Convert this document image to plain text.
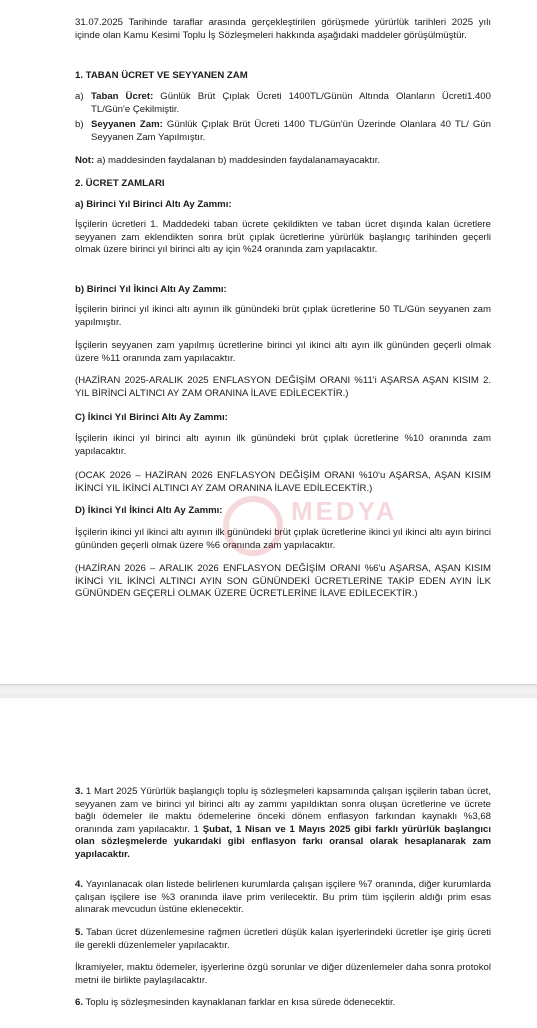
31.07.2025 Tarihinde taraflar arasında gerçekleştirilen görüşmede yürürlük tarihleri 2025 yılı içinde olan Kamu Kesimi Toplu İş Sözleşmeleri hakkında aşağıdaki maddeler görüşülmüştür.
1. TABAN ÜCRET VE SEYYANEN ZAM
a) Taban Ücret: Günlük Brüt Çıplak Ücreti 1400TL/Günün Altında Olanların Ücreti1.400 TL/Gün'e Çekilmiştir.
b) Seyyanen Zam: Günlük Çıplak Brüt Ücreti 1400 TL/Gün'ün Üzerinde Olanlara 40 TL/ Gün Seyyanen Zam Yapılmıştır.
Not: a) maddesinden faydalanan b) maddesinden faydalanamayacaktır.
2. ÜCRET ZAMLARI
a) Birinci Yıl Birinci Altı Ay Zammı:
İşçilerin ücretleri 1. Maddedeki taban ücrete çekildikten ve taban ücret dışında kalan ücretlere seyyanen zam eklendikten sonra brüt çıplak ücretlerine yürürlük başlangıç tarihinden geçerli olmak üzere birinci yıl birinci altı ay için %24 oranında zam yapılacaktır.
b) Birinci Yıl İkinci Altı Ay Zammı:
İşçilerin birinci yıl ikinci altı ayının ilk günündeki brüt çıplak ücretlerine 50 TL/Gün seyyanen zam yapılmıştır.
İşçilerin seyyanen zam yapılmış ücretlerine birinci yıl ikinci altı ayın ilk gününden geçerli olmak üzere %11 oranında zam yapılacaktır.
(HAZİRAN 2025-ARALIK 2025 ENFLASYON DEĞİŞİM ORANI %11'i AŞARSA AŞAN KISIM 2. YIL BİRİNCİ ALTINCI AY ZAM ORANINA İLAVE EDİLECEKTİR.)
C) İkinci Yıl Birinci Altı Ay Zammı:
İşçilerin ikinci yıl birinci altı ayının ilk günündeki brüt çıplak ücretlerine %10 oranında zam yapılacaktır.
(OCAK 2026 – HAZİRAN 2026 ENFLASYON DEĞİŞİM ORANI %10'u AŞARSA, AŞAN KISIM İKİNCİ YIL İKİNCİ ALTINCI AY ZAM ORANINA İLAVE EDİLECEKTİR.)
D) İkinci Yıl İkinci Altı Ay Zammı:
İşçilerin ikinci yıl ikinci altı ayının ilk günündeki brüt çıplak ücretlerine ikinci yıl ikinci altı ayın birinci gününden geçerli olmak üzere %6 oranında zam yapılacaktır.
(HAZİRAN 2026 – ARALIK 2026 ENFLASYON DEĞİŞİM ORANI %6'u AŞARSA, AŞAN KISIM İKİNCİ YIL İKİNCİ ALTINCI AYIN SON GÜNÜNDEKİ ÜCRETLERİNE TAKİP EDEN AYIN İLK GÜNÜNDEN GEÇERLİ OLMAK ÜZERE ÜCRETLERİNE İLAVE EDİLECEKTİR.)
MEDYA
3. 1 Mart 2025 Yürürlük başlangıçlı toplu iş sözleşmeleri kapsamında çalışan işçilerin taban ücret, seyyanen zam ve birinci yıl birinci altı ay zammı yapıldıktan sonra oluşan ücretlerine ve ücrete bağlı ödemeler ile maktu ödemelerine önceki dönem enflasyon farkından kaynaklı %3,68 oranında zam yapılacaktır. 1 Şubat, 1 Nisan ve 1 Mayıs 2025 gibi farklı yürürlük başlangıcı olan sözleşmelerde yukarıdaki gibi enflasyon farkı oransal olarak hesaplanarak zam yapılacaktır.
4. Yayınlanacak olan listede belirlenen kurumlarda çalışan işçilere %7 oranında, diğer kurumlarda çalışan işçilere ise %3 oranında ilave prim verilecektir. Bu prim tüm işçilerin aldığı prim esas alınarak mevcudun üstüne eklenecektir.
5. Taban ücret düzenlemesine rağmen ücretleri düşük kalan işyerlerindeki ücretler işe giriş ücreti ile gerekli düzenlemeler yapılacaktır.
İkramiyeler, maktu ödemeler, işyerlerine özgü sorunlar ve diğer düzenlemeler daha sonra protokol metni ile birlikte paylaşılacaktır.
6. Toplu iş sözleşmesinden kaynaklanan farklar en kısa sürede ödenecektir.
